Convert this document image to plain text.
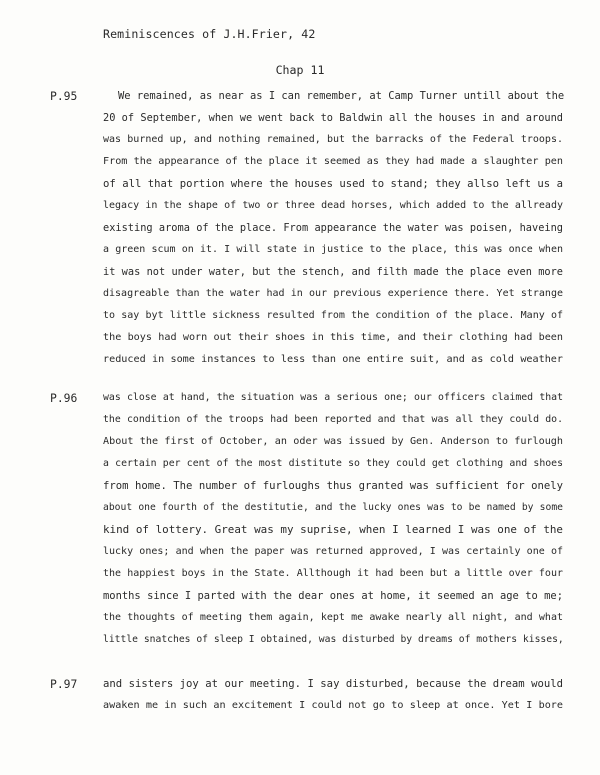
Reminiscences of J.H.Frier, 42
Chap 11
P.95
P.96
P.97
We remained, as near as I can remember, at Camp Turner untill about the
20 of September, when we went back to Baldwin all the houses in and around
was burned up, and nothing remained, but the barracks of the Federal troops.
From the appearance of the place it seemed as they had made a slaughter pen
of all that portion where the houses used to stand; they allso left us a
legacy in the shape of two or three dead horses, which added to the allready
existing aroma of the place. From appearance the water was poisen, haveing
a green scum on it. I will state in justice to the place, this was once when
it was not under water, but the stench, and filth made the place even more
disagreable than the water had in our previous experience there. Yet strange
to say byt little sickness resulted from the condition of the place. Many of
the boys had worn out their shoes in this time, and their clothing had been
reduced in some instances to less than one entire suit, and as cold weather
was close at hand, the situation was a serious one; our officers claimed that
the condition of the troops had been reported and that was all they could do.
About the first of October, an oder was issued by Gen. Anderson to furlough
a certain per cent of the most distitute so they could get clothing and shoes
from home. The number of furloughs thus granted was sufficient for onely
about one fourth of the destitutie, and the lucky ones was to be named by some
kind of lottery. Great was my suprise, when I learned I was one of the
lucky ones; and when the paper was returned approved, I was certainly one of
the happiest boys in the State. Allthough it had been but a little over four
months since I parted with the dear ones at home, it seemed an age to me;
the thoughts of meeting them again, kept me awake nearly all night, and what
little snatches of sleep I obtained, was disturbed by dreams of mothers kisses,
and sisters joy at our meeting. I say disturbed, because the dream would
awaken me in such an excitement I could not go to sleep at once. Yet I bore
